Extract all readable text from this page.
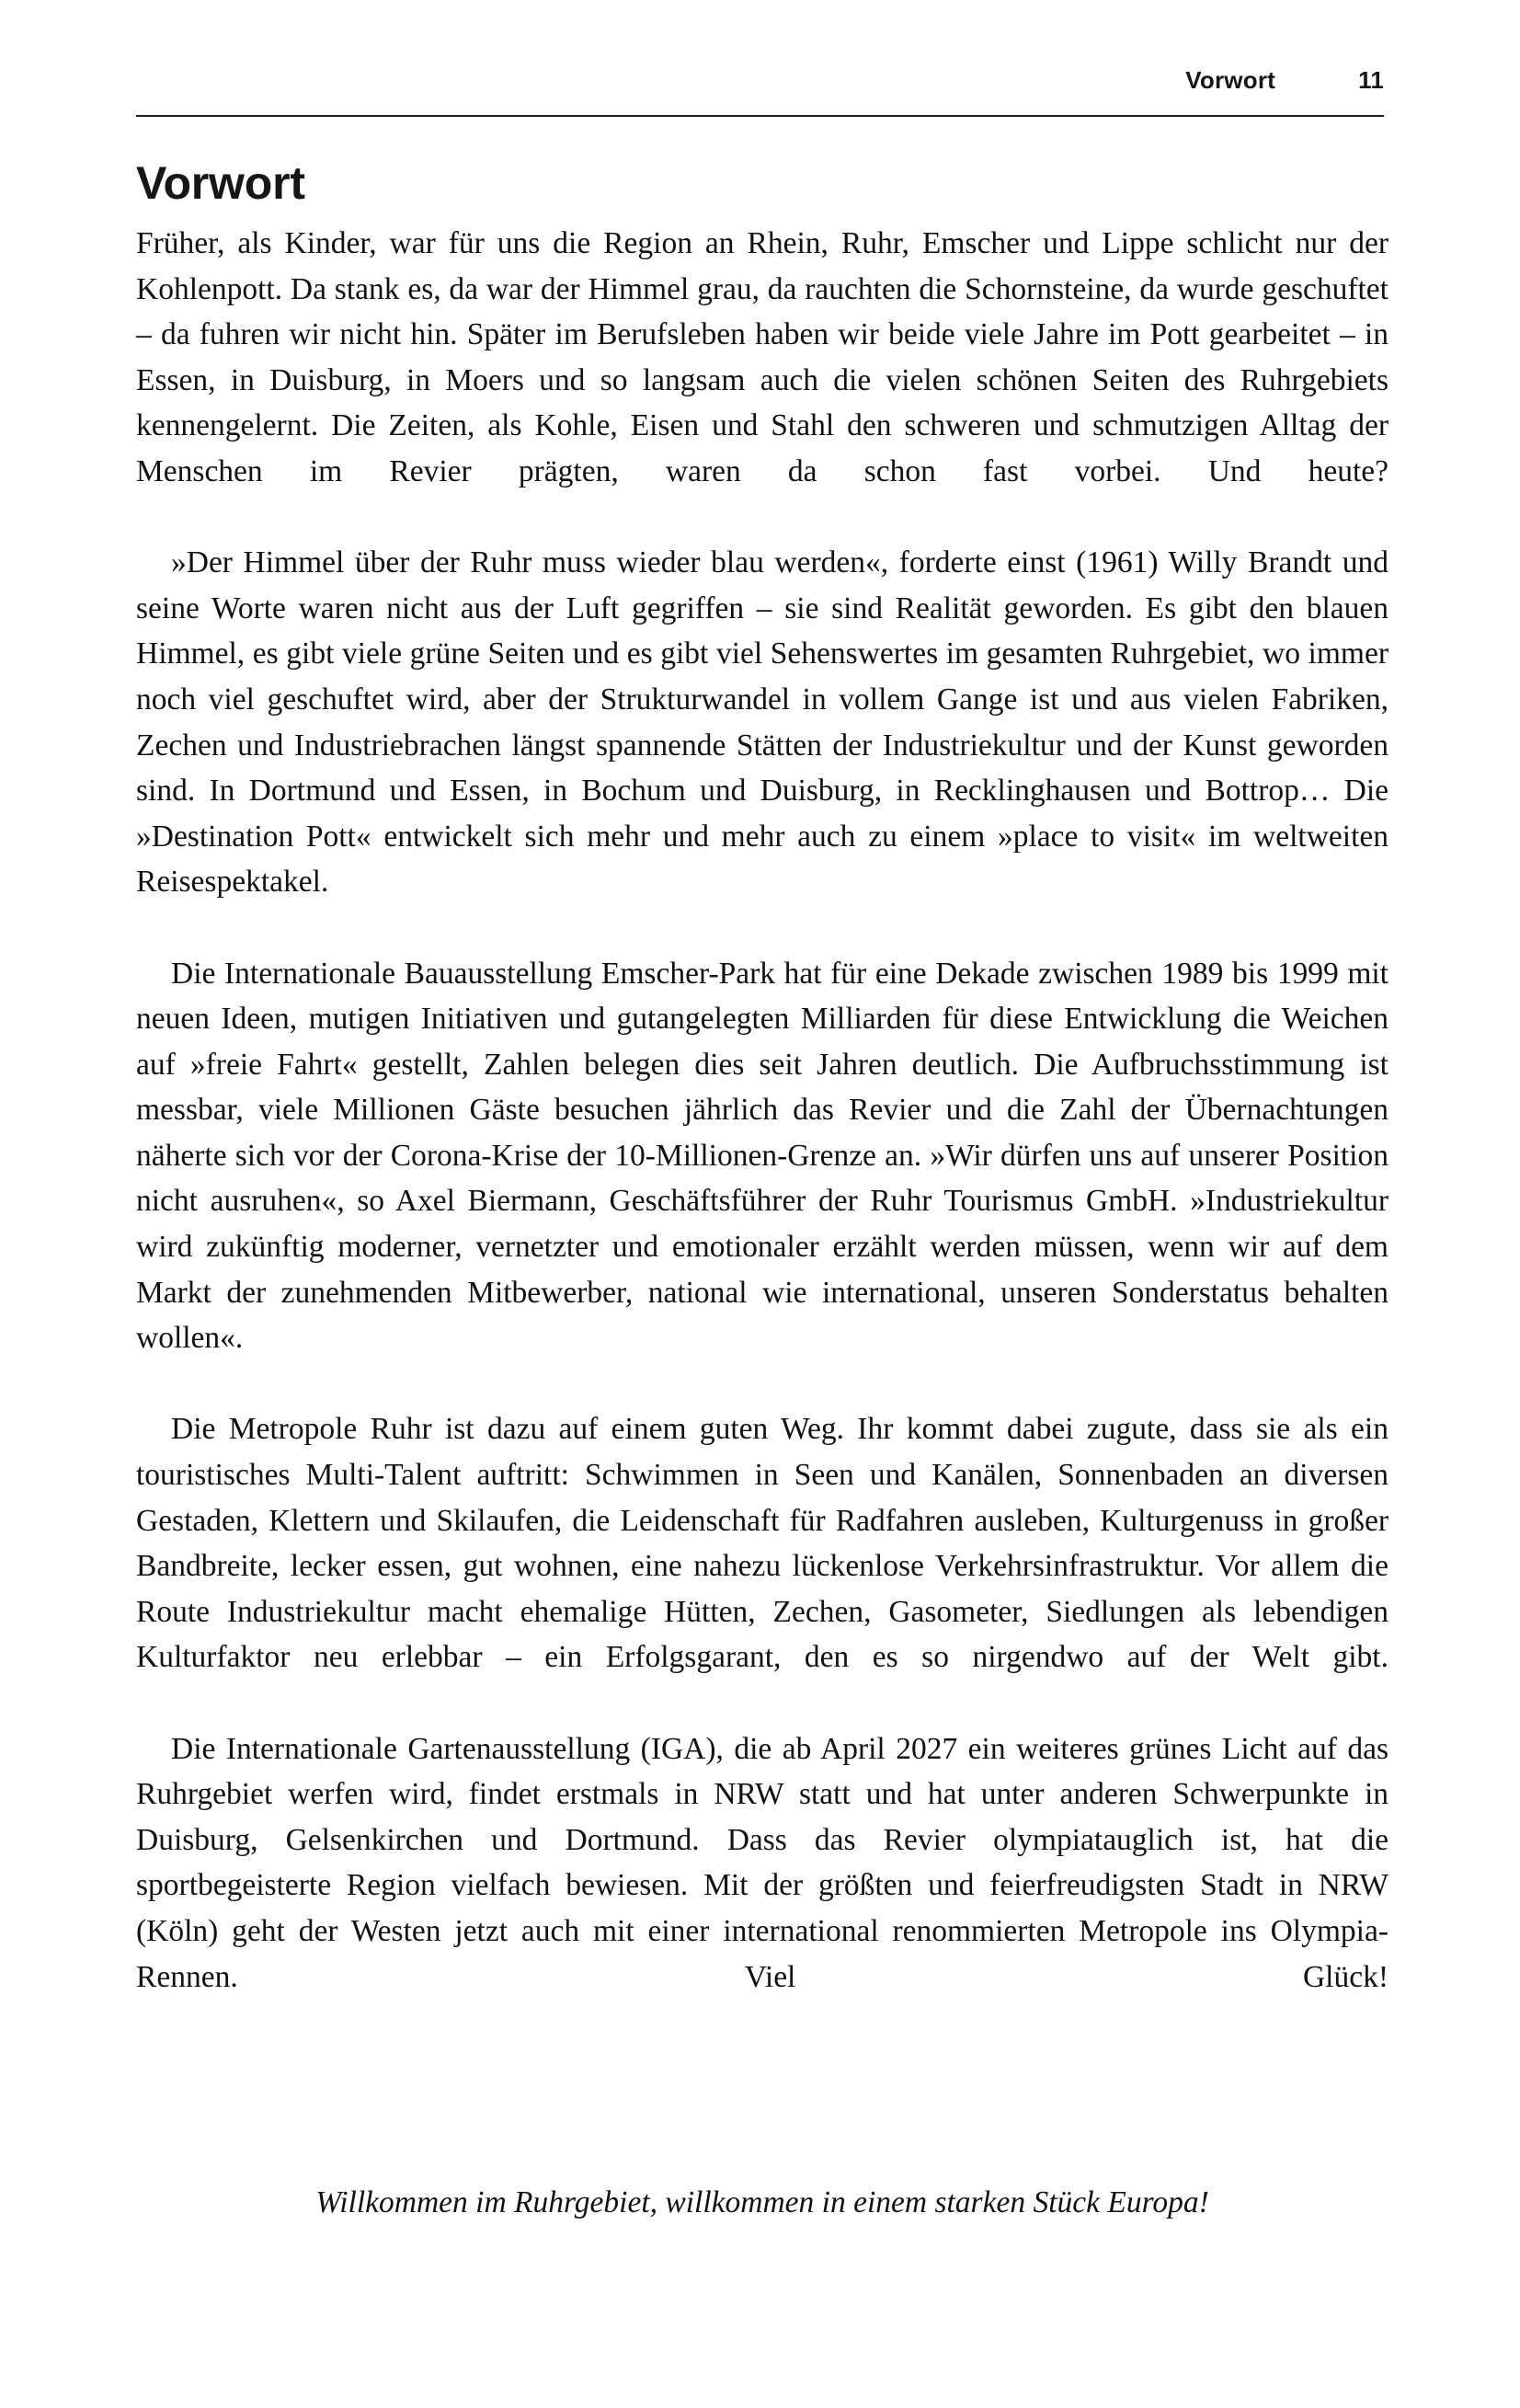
Vorwort	11
Vorwort

Früher, als Kinder, war für uns die Region an Rhein, Ruhr, Emscher und Lippe schlicht nur der Kohlenpott. Da stank es, da war der Himmel grau, da rauchten die Schornsteine, da wurde geschuftet – da fuhren wir nicht hin. Später im Berufsleben haben wir beide viele Jahre im Pott gearbeitet – in Essen, in Duisburg, in Moers und so langsam auch die vielen schönen Seiten des Ruhrgebiets kennengelernt. Die Zeiten, als Kohle, Eisen und Stahl den schweren und schmutzigen Alltag der Menschen im Revier prägten, waren da schon fast vorbei. Und heute?

»Der Himmel über der Ruhr muss wieder blau werden«, forderte einst (1961) Willy Brandt und seine Worte waren nicht aus der Luft gegriffen – sie sind Realität geworden. Es gibt den blauen Himmel, es gibt viele grüne Seiten und es gibt viel Sehenswertes im gesamten Ruhrgebiet, wo immer noch viel geschuftet wird, aber der Strukturwandel in vollem Gange ist und aus vielen Fabriken, Zechen und Industriebrachen längst spannende Stätten der Industriekultur und der Kunst geworden sind. In Dortmund und Essen, in Bochum und Duisburg, in Recklinghausen und Bottrop… Die »Destination Pott« entwickelt sich mehr und mehr auch zu einem »place to visit« im weltweiten Reisespektakel.

Die Internationale Bauausstellung Emscher-Park hat für eine Dekade zwischen 1989 bis 1999 mit neuen Ideen, mutigen Initiativen und gutangelegten Milliarden für diese Entwicklung die Weichen auf »freie Fahrt« gestellt, Zahlen belegen dies seit Jahren deutlich. Die Aufbruchsstimmung ist messbar, viele Millionen Gäste besuchen jährlich das Revier und die Zahl der Übernachtungen näherte sich vor der Corona-Krise der 10-Millionen-Grenze an. »Wir dürfen uns auf unserer Position nicht ausruhen«, so Axel Biermann, Geschäftsführer der Ruhr Tourismus GmbH. »Industriekultur wird zukünftig moderner, vernetzter und emotionaler erzählt werden müssen, wenn wir auf dem Markt der zunehmenden Mitbewerber, national wie international, unseren Sonderstatus behalten wollen«.

Die Metropole Ruhr ist dazu auf einem guten Weg. Ihr kommt dabei zugute, dass sie als ein touristisches Multi-Talent auftritt: Schwimmen in Seen und Kanälen, Sonnenbaden an diversen Gestaden, Klettern und Skilaufen, die Leidenschaft für Radfahren ausleben, Kulturgenuss in großer Bandbreite, lecker essen, gut wohnen, eine nahezu lückenlose Verkehrsinfrastruktur. Vor allem die Route Industriekultur macht ehemalige Hütten, Zechen, Gasometer, Siedlungen als lebendigen Kulturfaktor neu erlebbar – ein Erfolgsgarant, den es so nirgendwo auf der Welt gibt.

Die Internationale Gartenausstellung (IGA), die ab April 2027 ein weiteres grünes Licht auf das Ruhrgebiet werfen wird, findet erstmals in NRW statt und hat unter anderen Schwerpunkte in Duisburg, Gelsenkirchen und Dortmund. Dass das Revier olympiatauglich ist, hat die sportbegeisterte Region vielfach bewiesen. Mit der größten und feierfreudigsten Stadt in NRW (Köln) geht der Westen jetzt auch mit einer international renommierten Metropole ins Olympia-Rennen. Viel Glück!

Willkommen im Ruhrgebiet, willkommen in einem starken Stück Europa!
